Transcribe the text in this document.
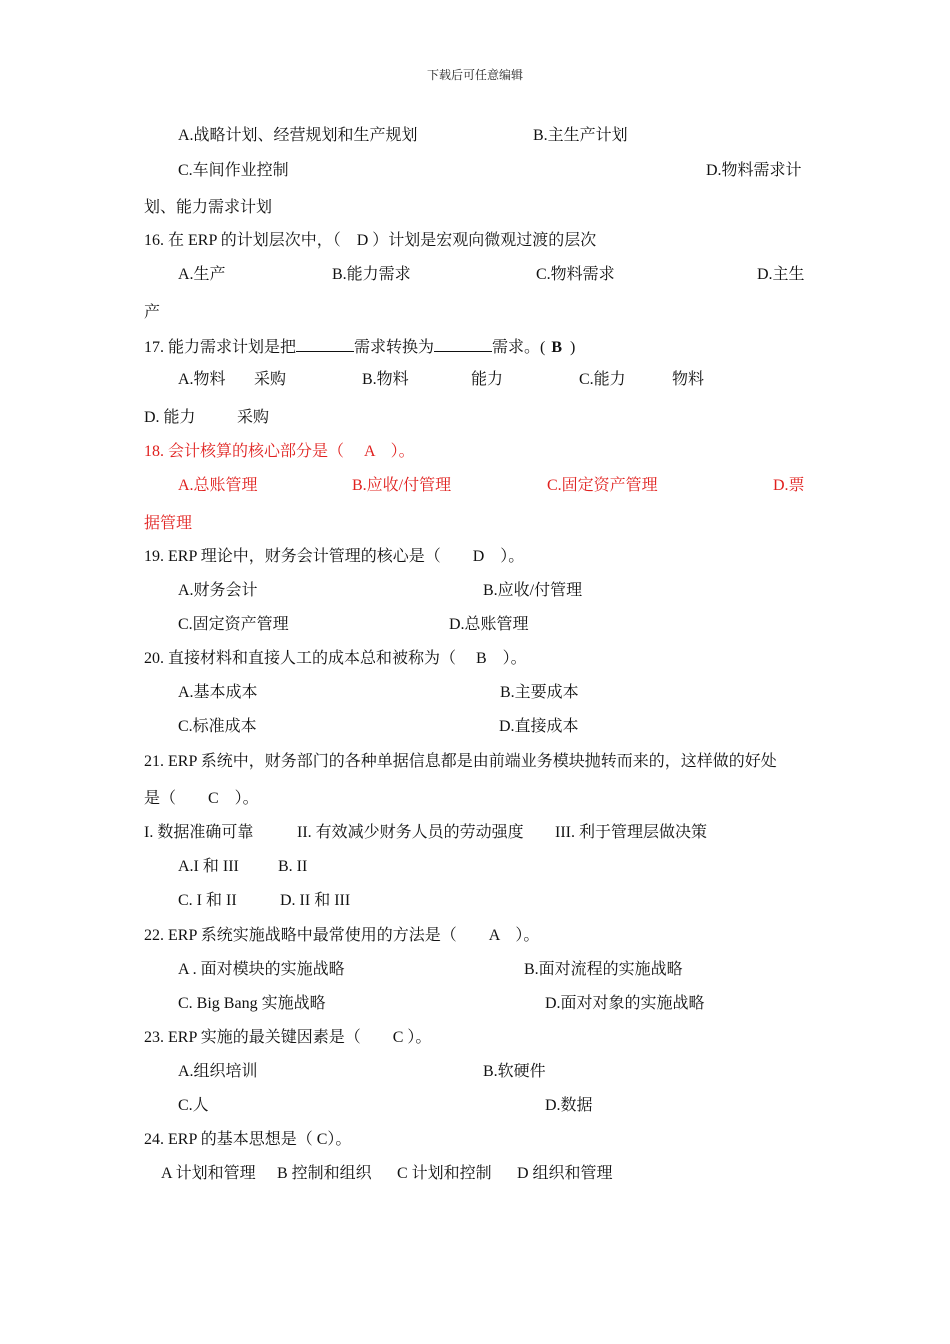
下载后可任意编辑
A.战略计划、经营规划和生产规划	B.主生产计划
C.车间作业控制	D.物料需求计
划、能力需求计划
16. 在 ERP 的计划层次中，（　D ）计划是宏观向微观过渡的层次
A.生产	B.能力需求	C.物料需求	D.主生
产
17. 能力需求计划是把	需求转换为	需求。( B )
A.物料 采购	B.物料	能力	C.能力	物料
D. 能力	采购
18. 会计核算的核心部分是（　 A　）。
A.总账管理	B.应收/付管理	C.固定资产管理	D.票
据管理
19. ERP 理论中，财务会计管理的核心是（　　D　）。
A.财务会计	B.应收/付管理
C.固定资产管理	D.总账管理
20. 直接材料和直接人工的成本总和被称为（　 B　）。
A.基本成本	B.主要成本
C.标准成本	D.直接成本
21. ERP 系统中，财务部门的各种单据信息都是由前端业务模块抛转而来的，这样做的好处
是（　　C　）。
I. 数据准确可靠	II. 有效减少财务人员的劳动强度 III. 利于管理层做决策
A.I 和 III B. II
C. I 和 II	D. II 和 III
22. ERP 系统实施战略中最常使用的方法是（　　A　）。
A . 面对模块的实施战略	B.面对流程的实施战略
C. Big Bang 实施战略	D.面对对象的实施战略
23. ERP 实施的最关键因素是（　　C ）。
A.组织培训	B.软硬件
C.人	D.数据
24. ERP 的基本思想是（ C）。
A 计划和管理 B 控制和组织 C 计划和控制 D 组织和管理
